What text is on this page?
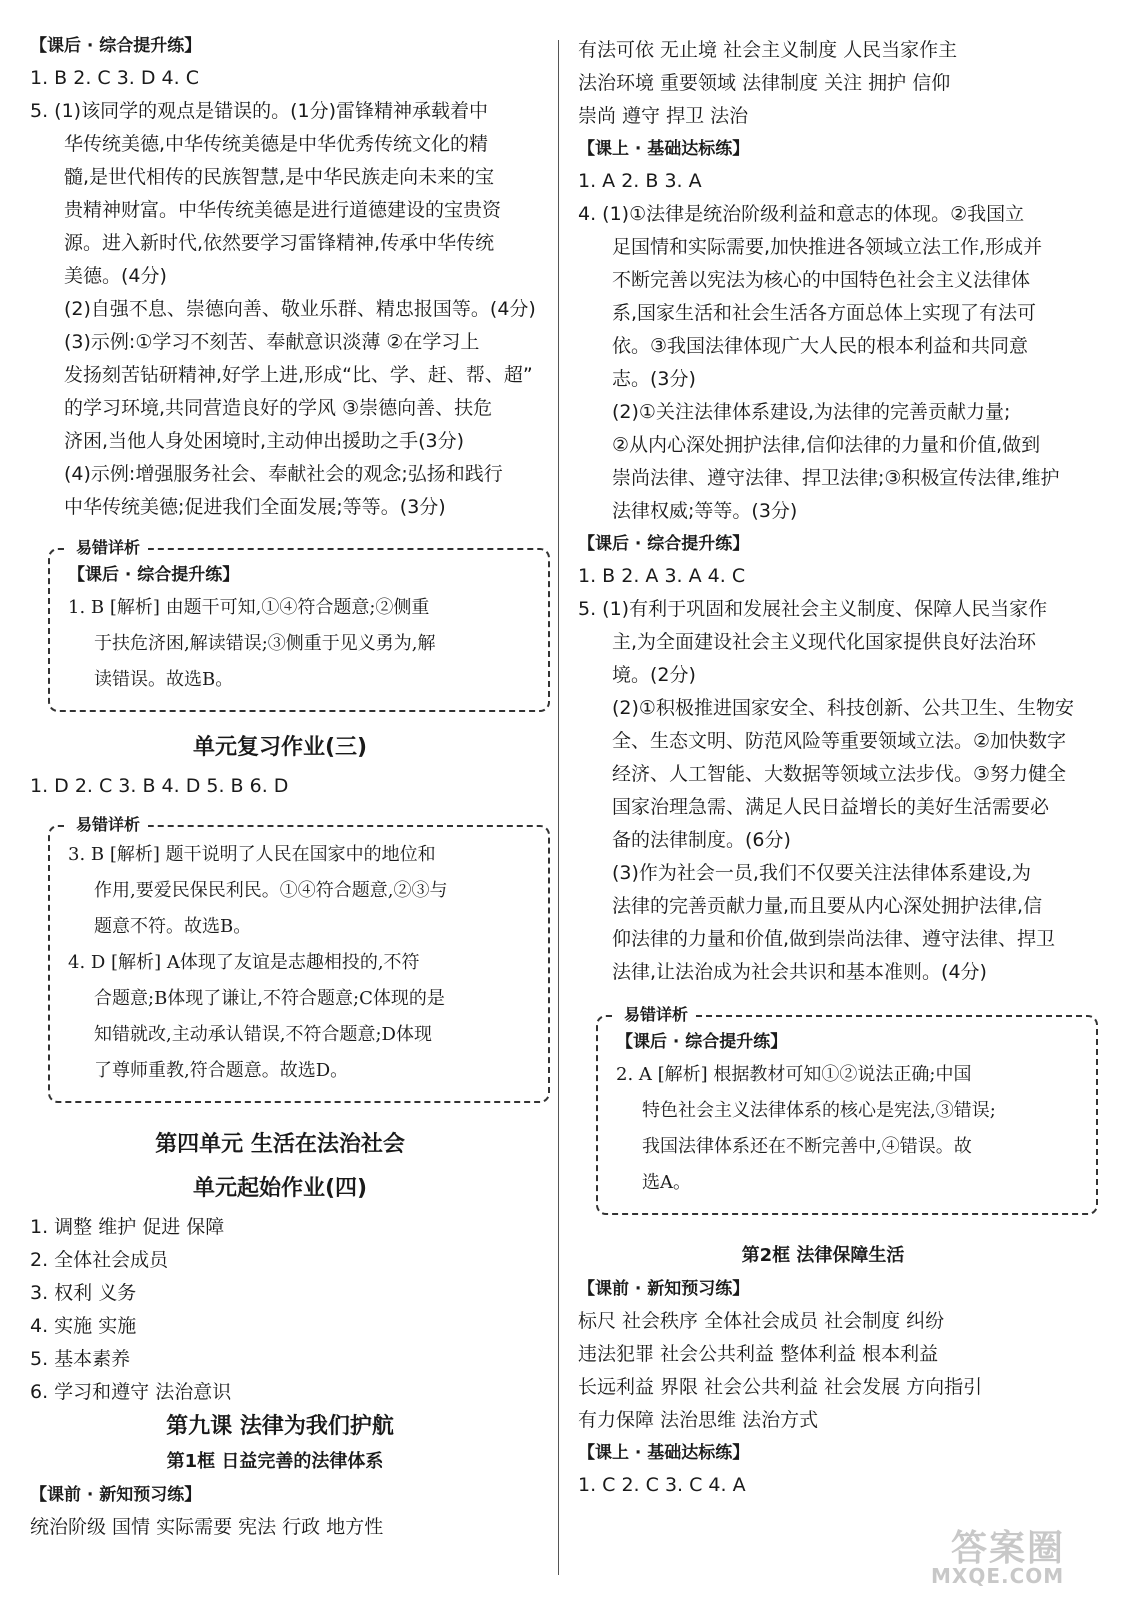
【课后 · 综合提升练】
1. B 2. C 3. D 4. C
5. (1)该同学的观点是错误的。(1分)雷锋精神承载着中
华传统美德,中华传统美德是中华优秀传统文化的精
髓,是世代相传的民族智慧,是中华民族走向未来的宝
贵精神财富。中华传统美德是进行道德建设的宝贵资
源。进入新时代,依然要学习雷锋精神,传承中华传统
美德。(4分)
(2)自强不息、崇德向善、敬业乐群、精忠报国等。(4分)
(3)示例:①学习不刻苦、奉献意识淡薄 ②在学习上
发扬刻苦钻研精神,好学上进,形成“比、学、赶、帮、超”
的学习环境,共同营造良好的学风 ③崇德向善、扶危
济困,当他人身处困境时,主动伸出援助之手(3分)
(4)示例:增强服务社会、奉献社会的观念;弘扬和践行
中华传统美德;促进我们全面发展;等等。(3分)
易错详析
【课后 · 综合提升练】
1. B [解析] 由题干可知,①④符合题意;②侧重
于扶危济困,解读错误;③侧重于见义勇为,解
读错误。故选B。
单元复习作业(三)
1. D 2. C 3. B 4. D 5. B 6. D
易错详析
3. B [解析] 题干说明了人民在国家中的地位和
作用,要爱民保民利民。①④符合题意,②③与
题意不符。故选B。
4. D [解析] A体现了友谊是志趣相投的,不符
合题意;B体现了谦让,不符合题意;C体现的是
知错就改,主动承认错误,不符合题意;D体现
了尊师重教,符合题意。故选D。
第四单元 生活在法治社会
单元起始作业(四)
1. 调整 维护 促进 保障
2. 全体社会成员
3. 权利 义务
4. 实施 实施
5. 基本素养
6. 学习和遵守 法治意识
第九课 法律为我们护航
第1框 日益完善的法律体系
【课前 · 新知预习练】
统治阶级 国情 实际需要 宪法 行政 地方性
有法可依 无止境 社会主义制度 人民当家作主
法治环境 重要领域 法律制度 关注 拥护 信仰
崇尚 遵守 捍卫 法治
【课上 · 基础达标练】
1. A 2. B 3. A
4. (1)①法律是统治阶级利益和意志的体现。②我国立
足国情和实际需要,加快推进各领域立法工作,形成并
不断完善以宪法为核心的中国特色社会主义法律体
系,国家生活和社会生活各方面总体上实现了有法可
依。③我国法律体现广大人民的根本利益和共同意
志。(3分)
(2)①关注法律体系建设,为法律的完善贡献力量;
②从内心深处拥护法律,信仰法律的力量和价值,做到
崇尚法律、遵守法律、捍卫法律;③积极宣传法律,维护
法律权威;等等。(3分)
【课后 · 综合提升练】
1. B 2. A 3. A 4. C
5. (1)有利于巩固和发展社会主义制度、保障人民当家作
主,为全面建设社会主义现代化国家提供良好法治环
境。(2分)
(2)①积极推进国家安全、科技创新、公共卫生、生物安
全、生态文明、防范风险等重要领域立法。②加快数字
经济、人工智能、大数据等领域立法步伐。③努力健全
国家治理急需、满足人民日益增长的美好生活需要必
备的法律制度。(6分)
(3)作为社会一员,我们不仅要关注法律体系建设,为
法律的完善贡献力量,而且要从内心深处拥护法律,信
仰法律的力量和价值,做到崇尚法律、遵守法律、捍卫
法律,让法治成为社会共识和基本准则。(4分)
易错详析
【课后 · 综合提升练】
2. A [解析] 根据教材可知①②说法正确;中国
特色社会主义法律体系的核心是宪法,③错误;
我国法律体系还在不断完善中,④错误。故
选A。
第2框 法律保障生活
【课前 · 新知预习练】
标尺 社会秩序 全体社会成员 社会制度 纠纷
违法犯罪 社会公共利益 整体利益 根本利益
长远利益 界限 社会公共利益 社会发展 方向指引
有力保障 法治思维 法治方式
【课上 · 基础达标练】
1. C 2. C 3. C 4. A
答案圈
MXQE.COM
